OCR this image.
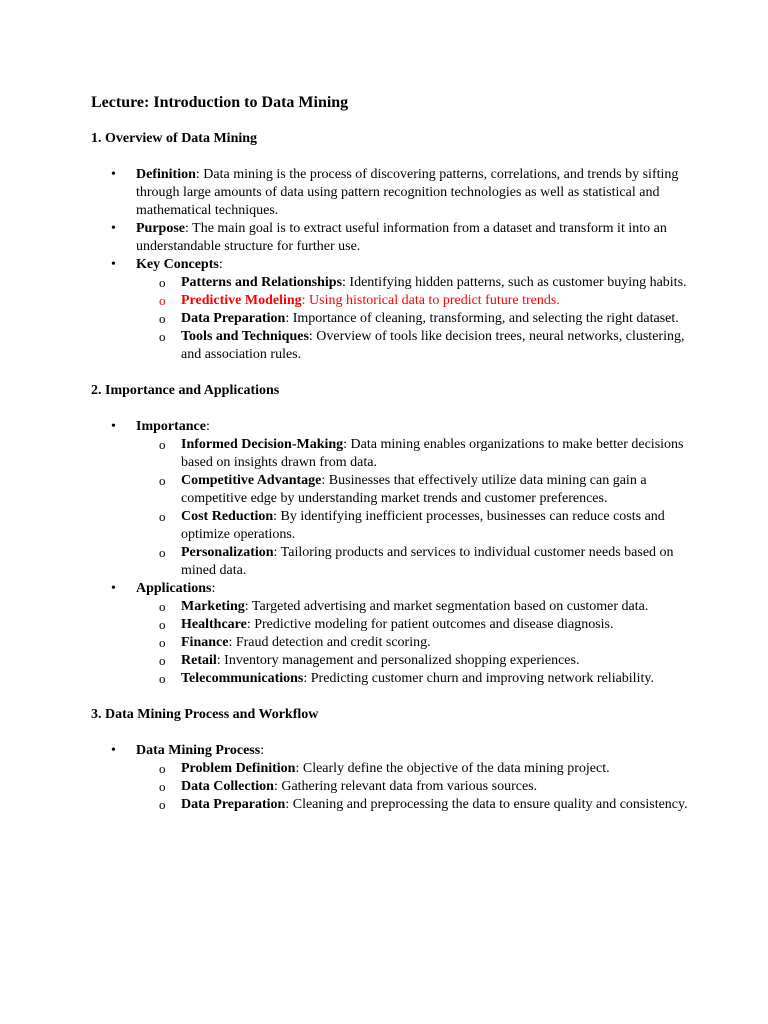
Lecture: Introduction to Data Mining
1. Overview of Data Mining
• Definition: Data mining is the process of discovering patterns, correlations, and trends by sifting through large amounts of data using pattern recognition technologies as well as statistical and mathematical techniques.
• Purpose: The main goal is to extract useful information from a dataset and transform it into an understandable structure for further use.
• Key Concepts:
o Patterns and Relationships: Identifying hidden patterns, such as customer buying habits.
o Predictive Modeling: Using historical data to predict future trends.
o Data Preparation: Importance of cleaning, transforming, and selecting the right dataset.
o Tools and Techniques: Overview of tools like decision trees, neural networks, clustering, and association rules.
2. Importance and Applications
• Importance:
o Informed Decision-Making: Data mining enables organizations to make better decisions based on insights drawn from data.
o Competitive Advantage: Businesses that effectively utilize data mining can gain a competitive edge by understanding market trends and customer preferences.
o Cost Reduction: By identifying inefficient processes, businesses can reduce costs and optimize operations.
o Personalization: Tailoring products and services to individual customer needs based on mined data.
• Applications:
o Marketing: Targeted advertising and market segmentation based on customer data.
o Healthcare: Predictive modeling for patient outcomes and disease diagnosis.
o Finance: Fraud detection and credit scoring.
o Retail: Inventory management and personalized shopping experiences.
o Telecommunications: Predicting customer churn and improving network reliability.
3. Data Mining Process and Workflow
• Data Mining Process:
o Problem Definition: Clearly define the objective of the data mining project.
o Data Collection: Gathering relevant data from various sources.
o Data Preparation: Cleaning and preprocessing the data to ensure quality and consistency.
